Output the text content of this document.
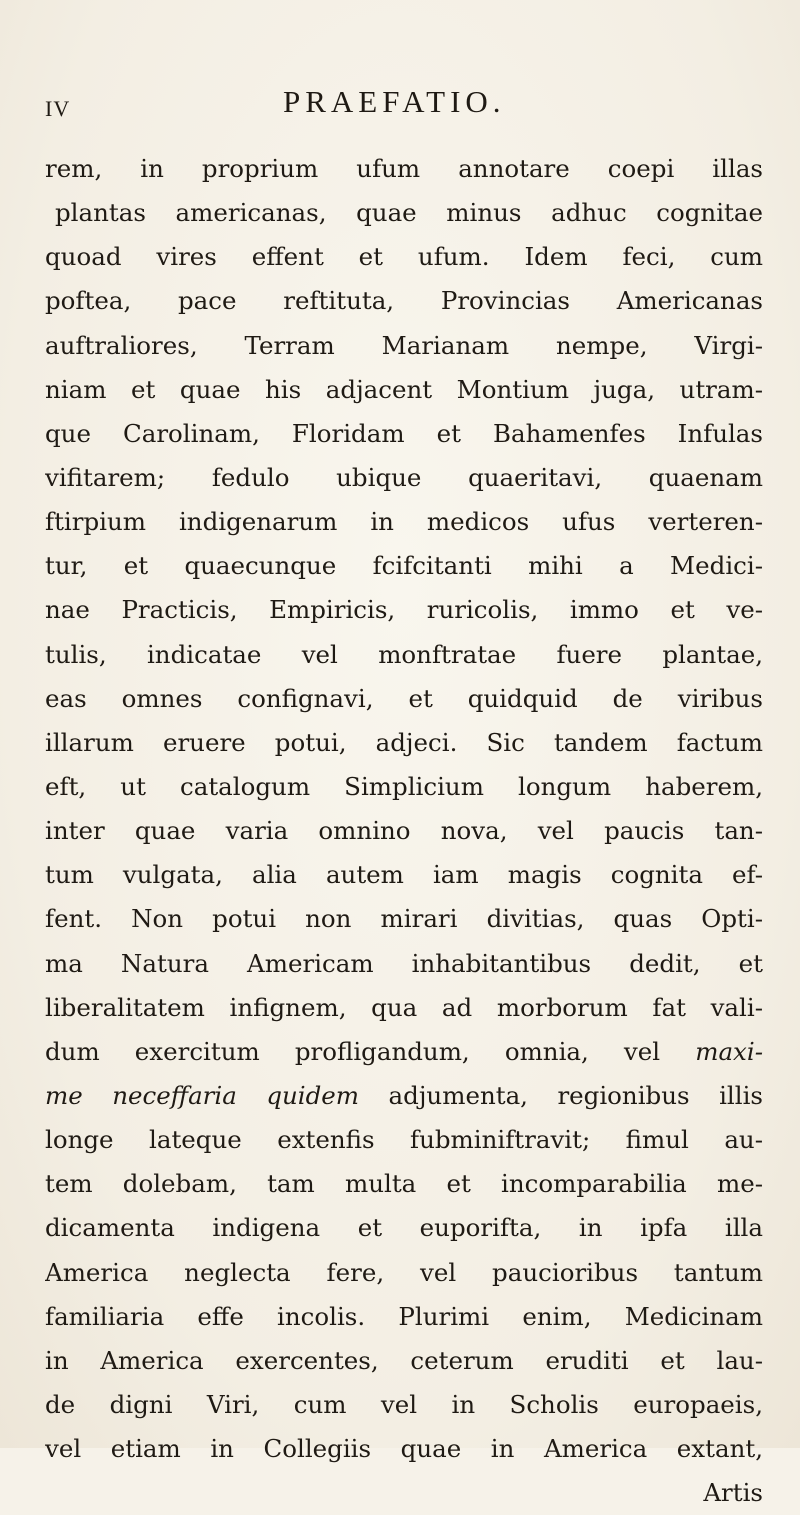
IV	PRAEFATIO.
rem, in proprium ufum annotare coepi illas
plantas americanas, quae minus adhuc cognitae
quoad vires effent et ufum. Idem feci, cum
poftea, pace reftituta, Provincias Americanas
auftraliores, Terram Marianam nempe, Virgi-
niam et quae his adjacent Montium juga, utram-
que Carolinam, Floridam et Bahamenfes Infulas
vifitarem; fedulo ubique quaeritavi, quaenam
ftirpium indigenarum in medicos ufus verteren-
tur, et quaecunque fcifcitanti mihi a Medici-
nae Practicis, Empiricis, ruricolis, immo et ve-
tulis, indicatae vel monftratae fuere plantae,
eas omnes confignavi, et quidquid de viribus
illarum eruere potui, adjeci. Sic tandem factum
eft, ut catalogum Simplicium longum haberem,
inter quae varia omnino nova, vel paucis tan-
tum vulgata, alia autem iam magis cognita ef-
fent. Non potui non mirari divitias, quas Opti-
ma Natura Americam inhabitantibus dedit, et
liberalitatem infignem, qua ad morborum fat vali-
dum exercitum profligandum, omnia, vel maxi-
me neceffaria quidem adjumenta, regionibus illis
longe lateque extenfis fubminiftravit; fimul au-
tem dolebam, tam multa et incomparabilia me-
dicamenta indigena et euporifta, in ipfa illa
America neglecta fere, vel paucioribus tantum
familiaria effe incolis. Plurimi enim, Medicinam
in America exercentes, ceterum eruditi et lau-
de digni Viri, cum vel in Scholis europaeis,
vel etiam in Collegiis quae in America extant,
Artis
